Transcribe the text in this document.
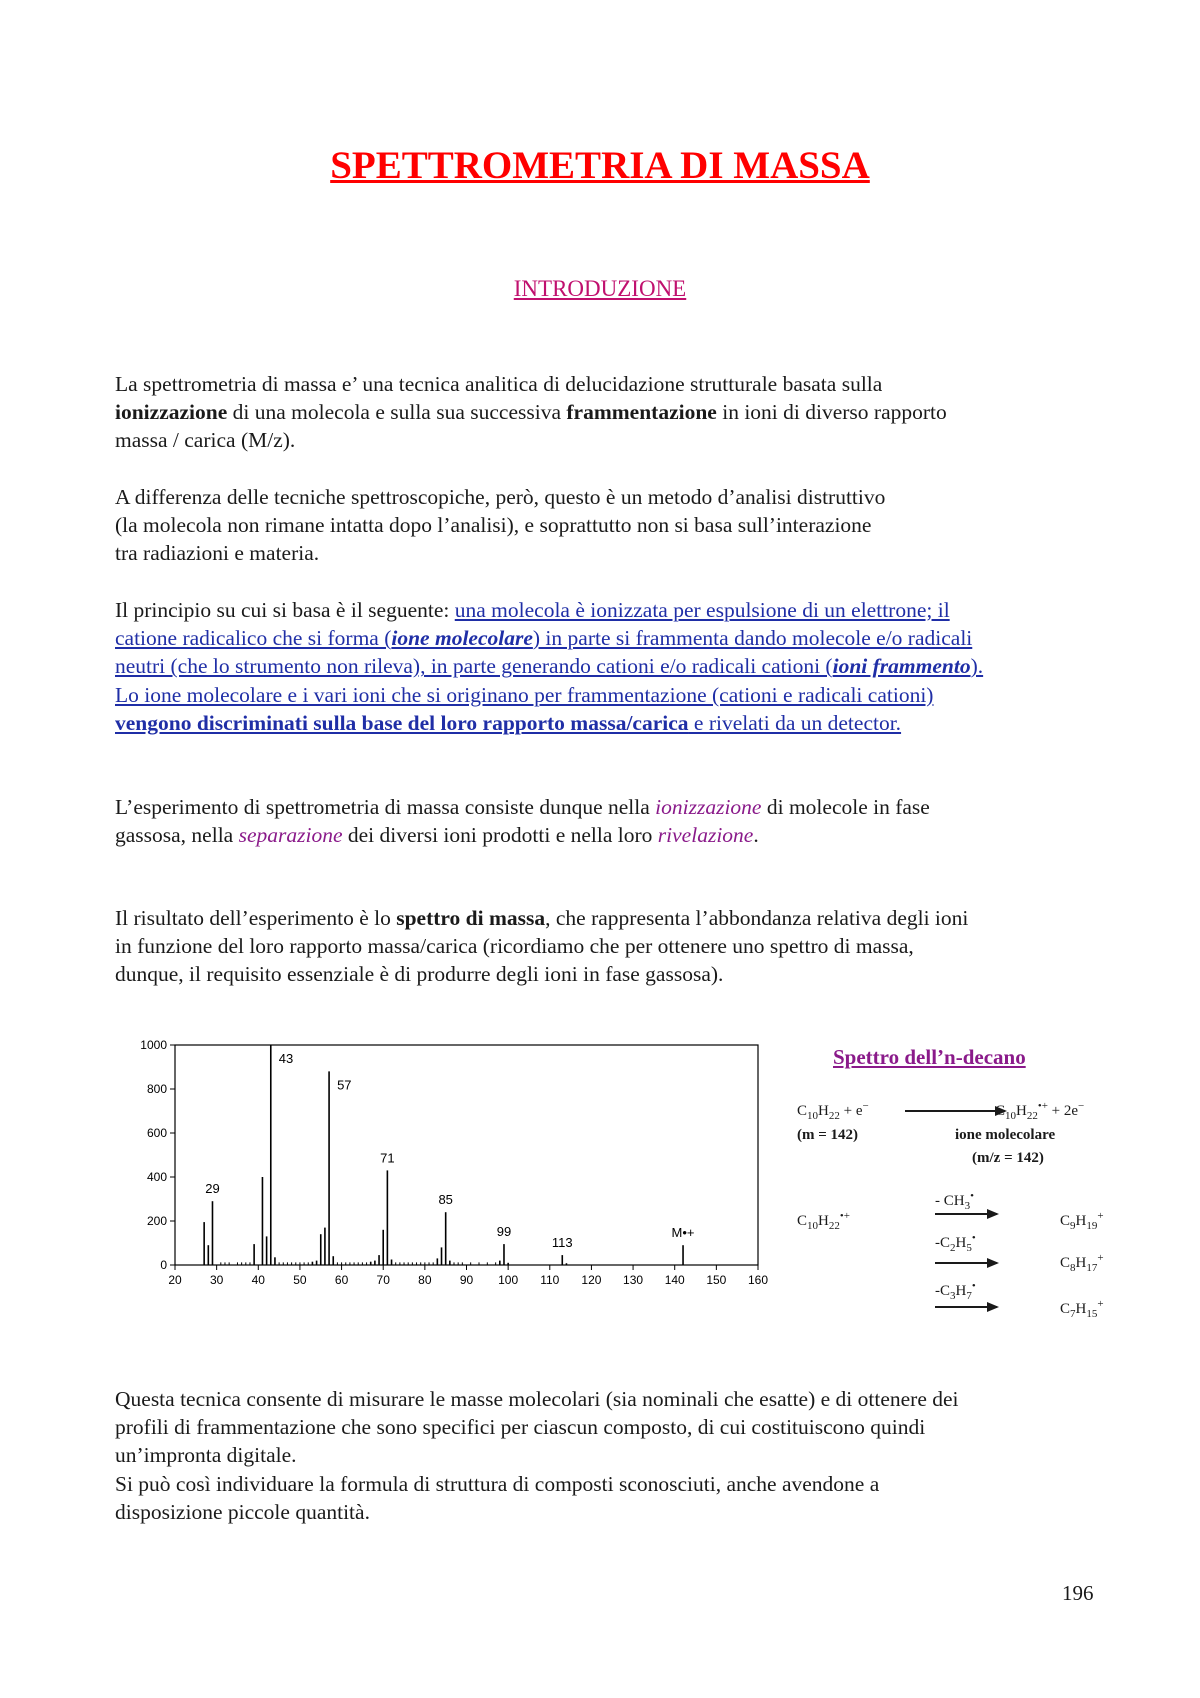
SPETTROMETRIA DI MASSA
INTRODUZIONE
La spettrometria di massa e’ una tecnica analitica di delucidazione strutturale basata sulla
ionizzazione di una molecola e sulla sua successiva frammentazione in ioni di diverso rapporto
massa / carica (M/z).
A differenza delle tecniche spettroscopiche, però, questo è un metodo d’analisi distruttivo
(la molecola non rimane intatta dopo l’analisi), e soprattutto non si basa sull’interazione
tra radiazioni e materia.
Il principio su cui si basa è il seguente: una molecola è ionizzata per espulsione di un elettrone; il
catione radicalico che si forma (ione molecolare) in parte si frammenta dando molecole e/o radicali
neutri (che lo strumento non rileva), in parte generando cationi e/o radicali cationi (ioni frammento).
Lo ione molecolare e i vari ioni che si originano per frammentazione (cationi e radicali cationi)
vengono discriminati sulla base del loro rapporto massa/carica e rivelati da un detector.
L’esperimento di spettrometria di massa consiste dunque nella ionizzazione di molecole in fase
gassosa, nella separazione dei diversi ioni prodotti e nella loro rivelazione.
Il risultato dell’esperimento è lo spettro di massa, che rappresenta l’abbondanza relativa degli ioni
in funzione del loro rapporto massa/carica (ricordiamo che per ottenere uno spettro di massa,
dunque, il requisito essenziale è di produrre degli ioni in fase gassosa).
0
200
400
600
800
1000
20 30 40 50 60 70 80 90 100 110 120 130 140 150 160
29
43
57
71
85
99
113
M•+
Spettro dell’n-decano
$C_{10}H_{22} + e^-$	$C_{10}H_{22}^{•+} + 2e^-$
(m = 142)	ione molecolare
(m/z = 142)
$C_{10}H_{22}^{•+}$
- $CH_3^•$
$C_9H_{19}^+$
$-C_2H_5^•$
$C_8H_{17}^+$
$-C_3H_7^•$
$C_7H_{15}^+$
Questa tecnica consente di misurare le masse molecolari (sia nominali che esatte) e di ottenere dei
profili di frammentazione che sono specifici per ciascun composto, di cui costituiscono quindi
un’impronta digitale.
Si può così individuare la formula di struttura di composti sconosciuti, anche avendone a
disposizione piccole quantità.
196
